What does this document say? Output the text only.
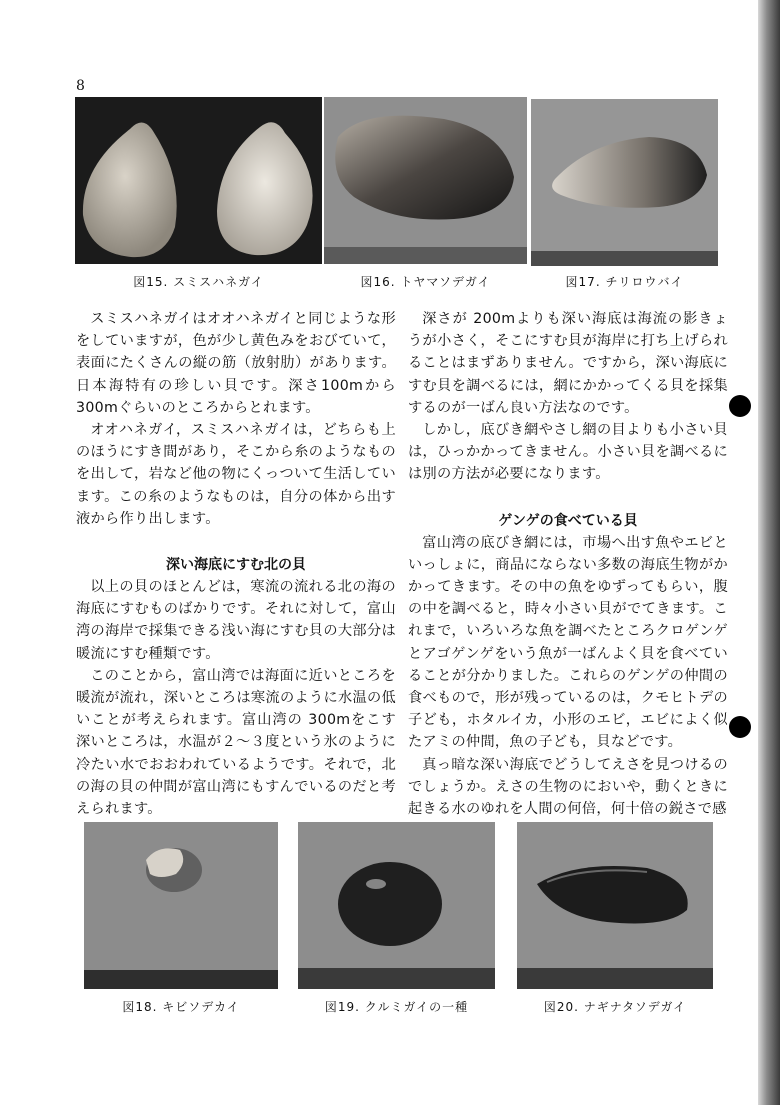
8
図15. スミスハネガイ	図16. トヤマソデガイ	図17. チリロウバイ

スミスハネガイはオオハネガイと同じような形をしていますが，色が少し黄色みをおびていて，表面にたくさんの縦の筋（放射肋）があります。日本海特有の珍しい貝です。深さ100mから300mぐらいのところからとれます。

オオハネガイ，スミスハネガイは，どちらも上のほうにすき間があり，そこから糸のようなものを出して，岩など他の物にくっついて生活しています。この糸のようなものは，自分の体から出す液から作り出します。

深い海底にすむ北の貝

以上の貝のほとんどは，寒流の流れる北の海の海底にすむものばかりです。それに対して，富山湾の海岸で採集できる浅い海にすむ貝の大部分は暖流にすむ種類です。

このことから，富山湾では海面に近いところを暖流が流れ，深いところは寒流のように水温の低いことが考えられます。富山湾の 300mをこす深いところは，水温が２〜３度という氷のように冷たい水でおおわれているようです。それで，北の海の貝の仲間が富山湾にもすんでいるのだと考えられます。

深さが 200mよりも深い海底は海流の影きょうが小さく，そこにすむ貝が海岸に打ち上げられることはまずありません。ですから，深い海底にすむ貝を調べるには，網にかかってくる貝を採集するのが一ばん良い方法なのです。

しかし，底びき網やさし網の目よりも小さい貝は，ひっかかってきません。小さい貝を調べるには別の方法が必要になります。

ゲンゲの食べている貝

富山湾の底びき網には，市場へ出す魚やエビといっしょに，商品にならない多数の海底生物がかかってきます。その中の魚をゆずってもらい，腹の中を調べると，時々小さい貝がでてきます。これまで，いろいろな魚を調べたところクロゲンゲとアゴゲンゲをいう魚が一ばんよく貝を食べていることが分かりました。これらのゲンゲの仲間の食べもので，形が残っているのは，クモヒトデの子ども，ホタルイカ，小形のエビ，エビによく似たアミの仲間，魚の子ども，貝などです。

真っ暗な深い海底でどうしてえさを見つけるのでしょうか。えさの生物のにおいや，動くときに起きる水のゆれを人間の何倍，何十倍の鋭さで感

図18. キビソデカイ	図19. クルミガイの一種	図20. ナギナタソデガイ
